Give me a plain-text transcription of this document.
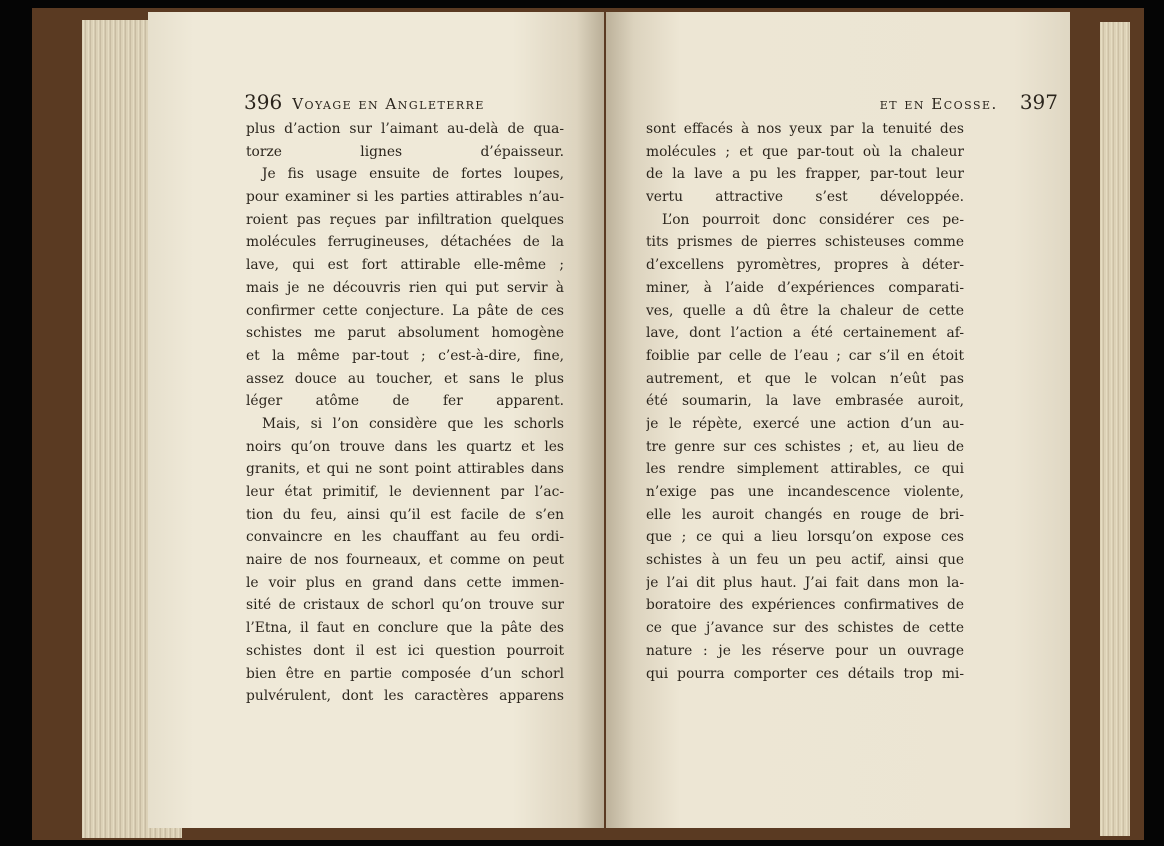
396 Voyage en Angleterre
plus d’action sur l’aimant au-delà de qua-
torze lignes d’épaisseur.
Je fis usage ensuite de fortes loupes,
pour examiner si les parties attirables n’au-
roient pas reçues par infiltration quelques
molécules ferrugineuses, détachées de la
lave, qui est fort attirable elle-même ;
mais je ne découvris rien qui put servir à
confirmer cette conjecture. La pâte de ces
schistes me parut absolument homogène
et la même par-tout ; c’est-à-dire, fine,
assez douce au toucher, et sans le plus
léger atôme de fer apparent.
Mais, si l’on considère que les schorls
noirs qu’on trouve dans les quartz et les
granits, et qui ne sont point attirables dans
leur état primitif, le deviennent par l’ac-
tion du feu, ainsi qu’il est facile de s’en
convaincre en les chauffant au feu ordi-
naire de nos fourneaux, et comme on peut
le voir plus en grand dans cette immen-
sité de cristaux de schorl qu’on trouve sur
l’Etna, il faut en conclure que la pâte des
schistes dont il est ici question pourroit
bien être en partie composée d’un schorl
pulvérulent, dont les caractères apparens
et en Ecosse. 397
sont effacés à nos yeux par la tenuité des
molécules ; et que par-tout où la chaleur
de la lave a pu les frapper, par-tout leur
vertu attractive s’est développée.
L’on pourroit donc considérer ces pe-
tits prismes de pierres schisteuses comme
d’excellens pyromètres, propres à déter-
miner, à l’aide d’expériences comparati-
ves, quelle a dû être la chaleur de cette
lave, dont l’action a été certainement af-
foiblie par celle de l’eau ; car s’il en étoit
autrement, et que le volcan n’eût pas
été soumarin, la lave embrasée auroit,
je le répète, exercé une action d’un au-
tre genre sur ces schistes ; et, au lieu de
les rendre simplement attirables, ce qui
n’exige pas une incandescence violente,
elle les auroit changés en rouge de bri-
que ; ce qui a lieu lorsqu’on expose ces
schistes à un feu un peu actif, ainsi que
je l’ai dit plus haut. J’ai fait dans mon la-
boratoire des expériences confirmatives de
ce que j’avance sur des schistes de cette
nature : je les réserve pour un ouvrage
qui pourra comporter ces détails trop mi-
